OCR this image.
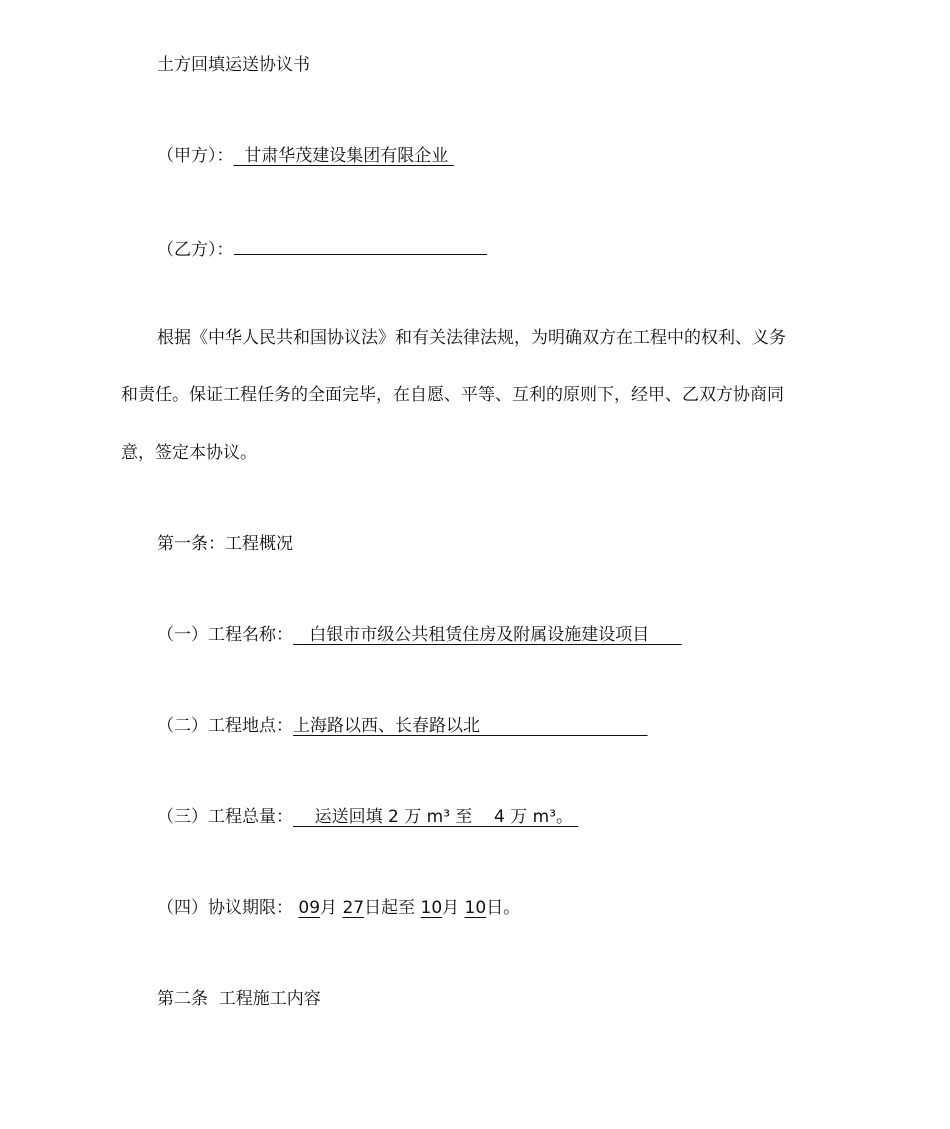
土方回填运送协议书
（甲方）：  甘肃华茂建设集团有限企业
（乙方）：
根据《中华人民共和国协议法》和有关法律法规，为明确双方在工程中的权利、义务
和责任。保证工程任务的全面完毕，在自愿、平等、互利的原则下，经甲、乙双方协商同
意，签定本协议。
第一条：工程概况
（一）工程名称：   白银市市级公共租赁住房及附属设施建设项目
（二）工程地点：上海路以西、长春路以北
（三）工程总量：    运送回填 2 万 m³ 至    4 万 m³。
（四）协议期限： 09月 27日起至 10月 10日。
第二条  工程施工内容
